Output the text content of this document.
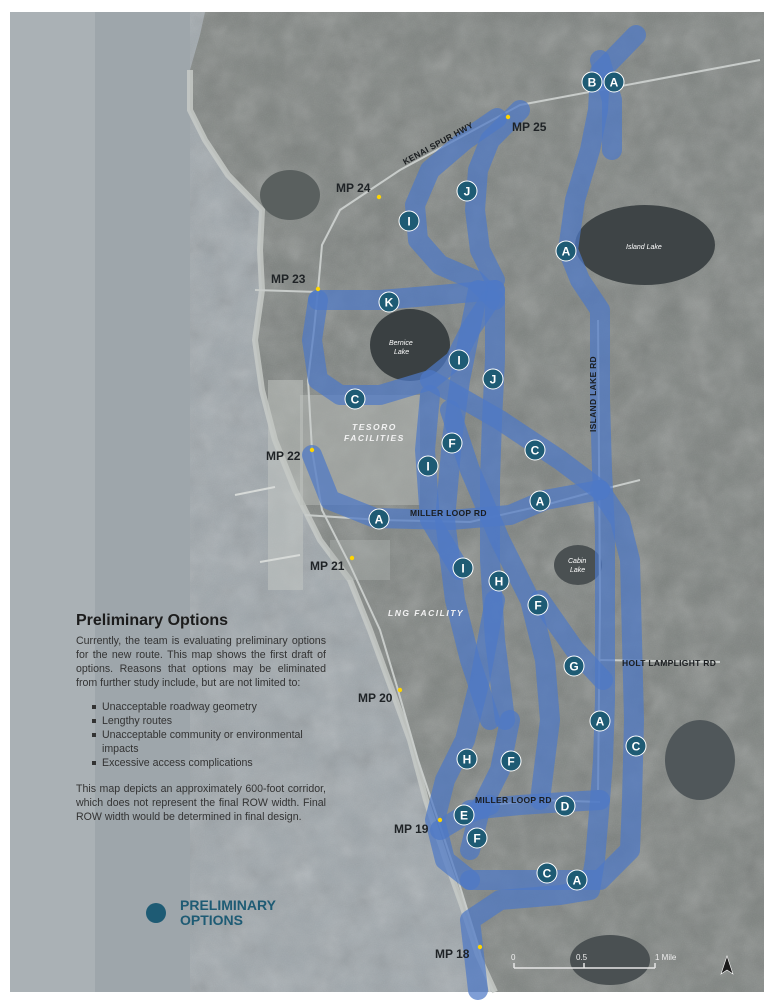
MP 25
MP 24
MP 23
MP 22
MP 21
MP 20
MP 19
MP 18
KENAI SPUR HWY
ISLAND LAKE RD
MILLER LOOP RD
MILLER LOOP RD
HOLT LAMPLIGHT RD
Island Lake
Bernice
Lake
Cabin
Lake
TESORO
FACILITIES
LNG FACILITY
B A
J
I
A
K
I
J
C
F	C
I
A
A
I
H
F
G
A
C
H	F
E
D
F
C A
0	0.5	1 Mile
Preliminary Options

Currently, the team is evaluating preliminary options for the new route. This map shows the first draft of options. Reasons that options may be eliminated from further study include, but are not limited to:

Unacceptable roadway geometry
Lengthy routes
Unacceptable community or environmental impacts
Excessive access complications

This map depicts an approximately 600-foot corridor, which does not represent the final ROW width. Final ROW width would be determined in final design.

PRELIMINARY
OPTIONS
